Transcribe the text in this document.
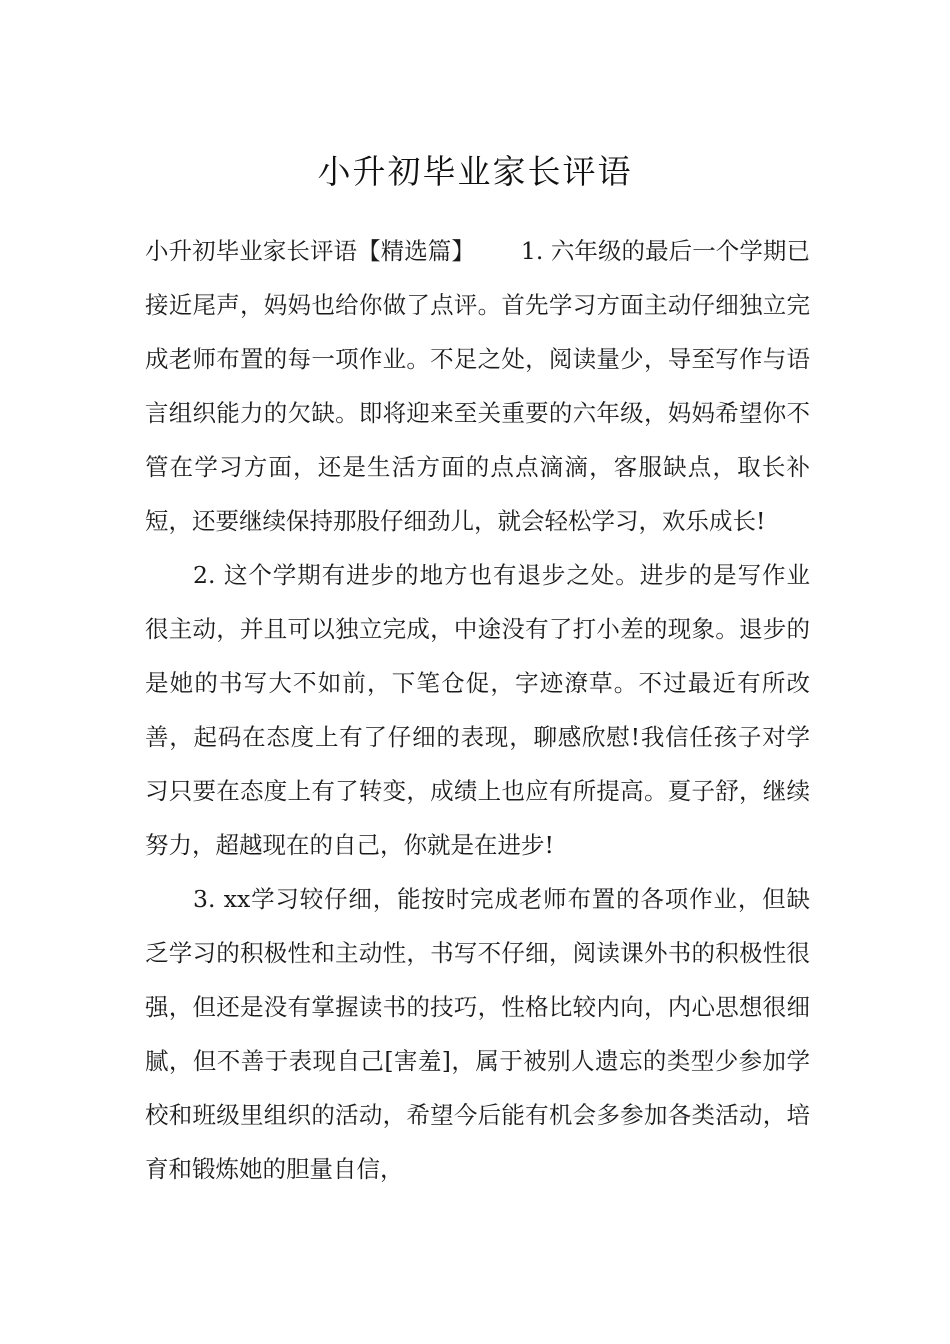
小升初毕业家长评语

小升初毕业家长评语【精选篇】 1. 六年级的最后一个学期已接近尾声，妈妈也给你做了点评。首先学习方面主动仔细独立完成老师布置的每一项作业。不足之处，阅读量少，导至写作与语言组织能力的欠缺。即将迎来至关重要的六年级，妈妈希望你不管在学习方面，还是生活方面的点点滴滴，客服缺点，取长补短，还要继续保持那股仔细劲儿，就会轻松学习，欢乐成长!

2. 这个学期有进步的地方也有退步之处。进步的是写作业很主动，并且可以独立完成，中途没有了打小差的现象。退步的是她的书写大不如前，下笔仓促，字迹潦草。不过最近有所改善，起码在态度上有了仔细的表现，聊感欣慰!我信任孩子对学习只要在态度上有了转变，成绩上也应有所提高。夏子舒，继续努力，超越现在的自己，你就是在进步!

3. xx学习较仔细，能按时完成老师布置的各项作业，但缺乏学习的积极性和主动性，书写不仔细，阅读课外书的积极性很强，但还是没有掌握读书的技巧，性格比较内向，内心思想很细腻，但不善于表现自己[害羞]，属于被别人遗忘的类型少参加学校和班级里组织的活动，希望今后能有机会多参加各类活动，培育和锻炼她的胆量自信，
